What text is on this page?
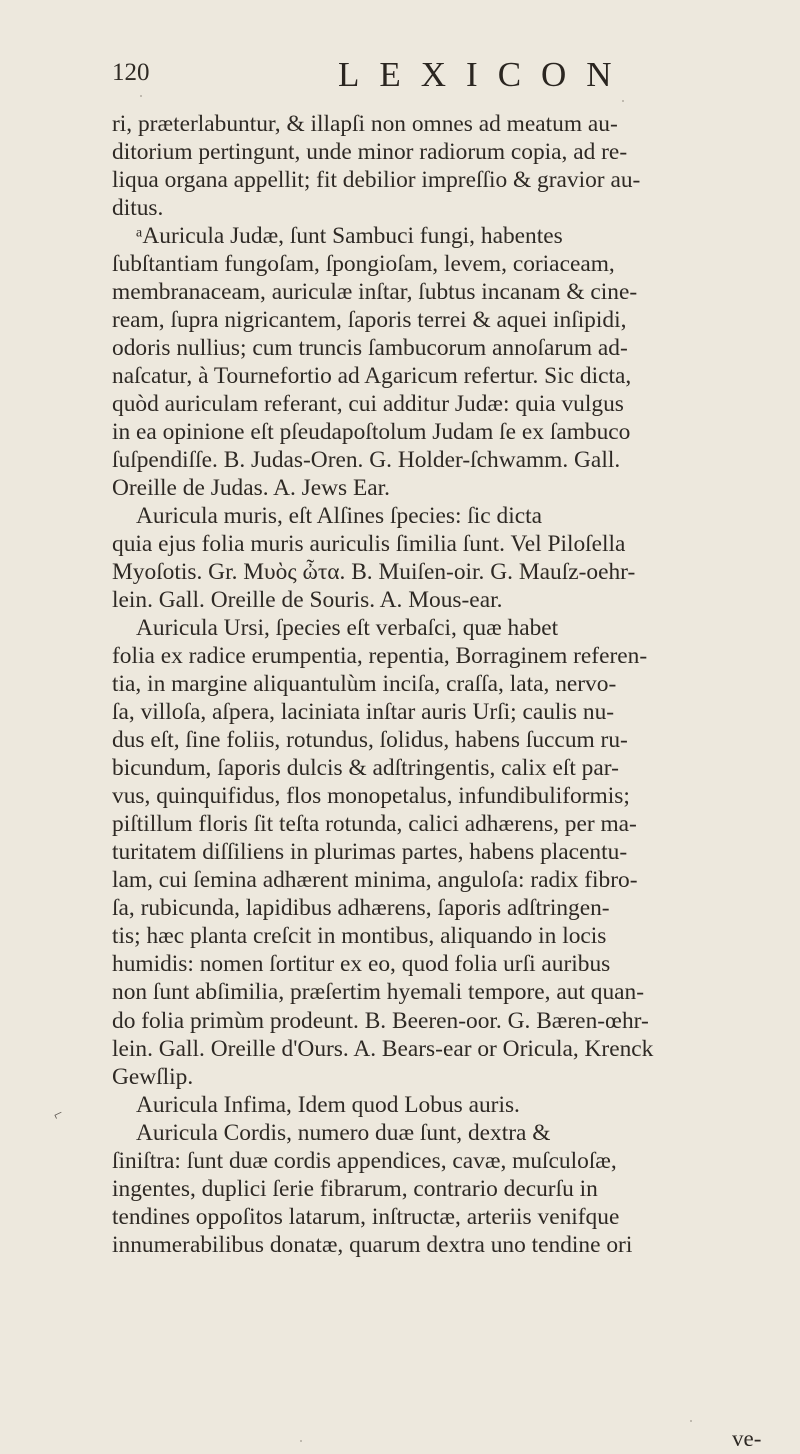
120	LEXICON
ri, præterlabuntur, & illapſi non omnes ad meatum au-
ditorium pertingunt, unde minor radiorum copia, ad re-
liqua organa appellit; fit debilior impreſſio & gravior au-
ditus.
ᵃAuricula Judæ, ſunt Sambuci fungi, habentes
ſubſtantiam fungoſam, ſpongioſam, levem, coriaceam,
membranaceam, auriculæ inſtar, ſubtus incanam & cine-
ream, ſupra nigricantem, ſaporis terrei & aquei inſipidi,
odoris nullius; cum truncis ſambucorum annoſarum ad-
naſcatur, à Tournefortio ad Agaricum refertur. Sic dicta,
quòd auriculam referant, cui additur Judæ: quia vulgus
in ea opinione eſt pſeudapoſtolum Judam ſe ex ſambuco
ſuſpendiſſe. B. Judas-Oren. G. Holder-ſchwamm. Gall.
Oreille de Judas. A. Jews Ear.
Auricula muris, eſt Alſines ſpecies: ſic dicta
quia ejus folia muris auriculis ſimilia ſunt. Vel Piloſella
Myoſotis. Gr. Μυὸς ὦτα. B. Muiſen-oir. G. Mauſz-oehr-
lein. Gall. Oreille de Souris. A. Mous-ear.
Auricula Ursi, ſpecies eſt verbaſci, quæ habet
folia ex radice erumpentia, repentia, Borraginem referen-
tia, in margine aliquantulùm inciſa, craſſa, lata, nervo-
ſa, villoſa, aſpera, laciniata inſtar auris Urſi; caulis nu-
dus eſt, ſine foliis, rotundus, ſolidus, habens ſuccum ru-
bicundum, ſaporis dulcis & adſtringentis, calix eſt par-
vus, quinquifidus, flos monopetalus, infundibuliformis;
piſtillum floris ſit teſta rotunda, calici adhærens, per ma-
turitatem diſſiliens in plurimas partes, habens placentu-
lam, cui ſemina adhærent minima, anguloſa: radix fibro-
ſa, rubicunda, lapidibus adhærens, ſaporis adſtringen-
tis; hæc planta creſcit in montibus, aliquando in locis
humidis: nomen ſortitur ex eo, quod folia urſi auribus
non ſunt abſimilia, præſertim hyemali tempore, aut quan-
do folia primùm prodeunt. B. Beeren-oor. G. Bæren-œhr-
lein. Gall. Oreille d'Ours. A. Bears-ear or Oricula, Krenck
Gewſlip.
Auricula Infima, Idem quod Lobus auris.
Auricula Cordis, numero duæ ſunt, dextra &
ſiniſtra: ſunt duæ cordis appendices, cavæ, muſculoſæ,
ingentes, duplici ſerie fibrarum, contrario decurſu in
tendines oppoſitos latarum, inſtructæ, arteriis venifque
innumerabilibus donatæ, quarum dextra uno tendine ori
ve-
⌐
